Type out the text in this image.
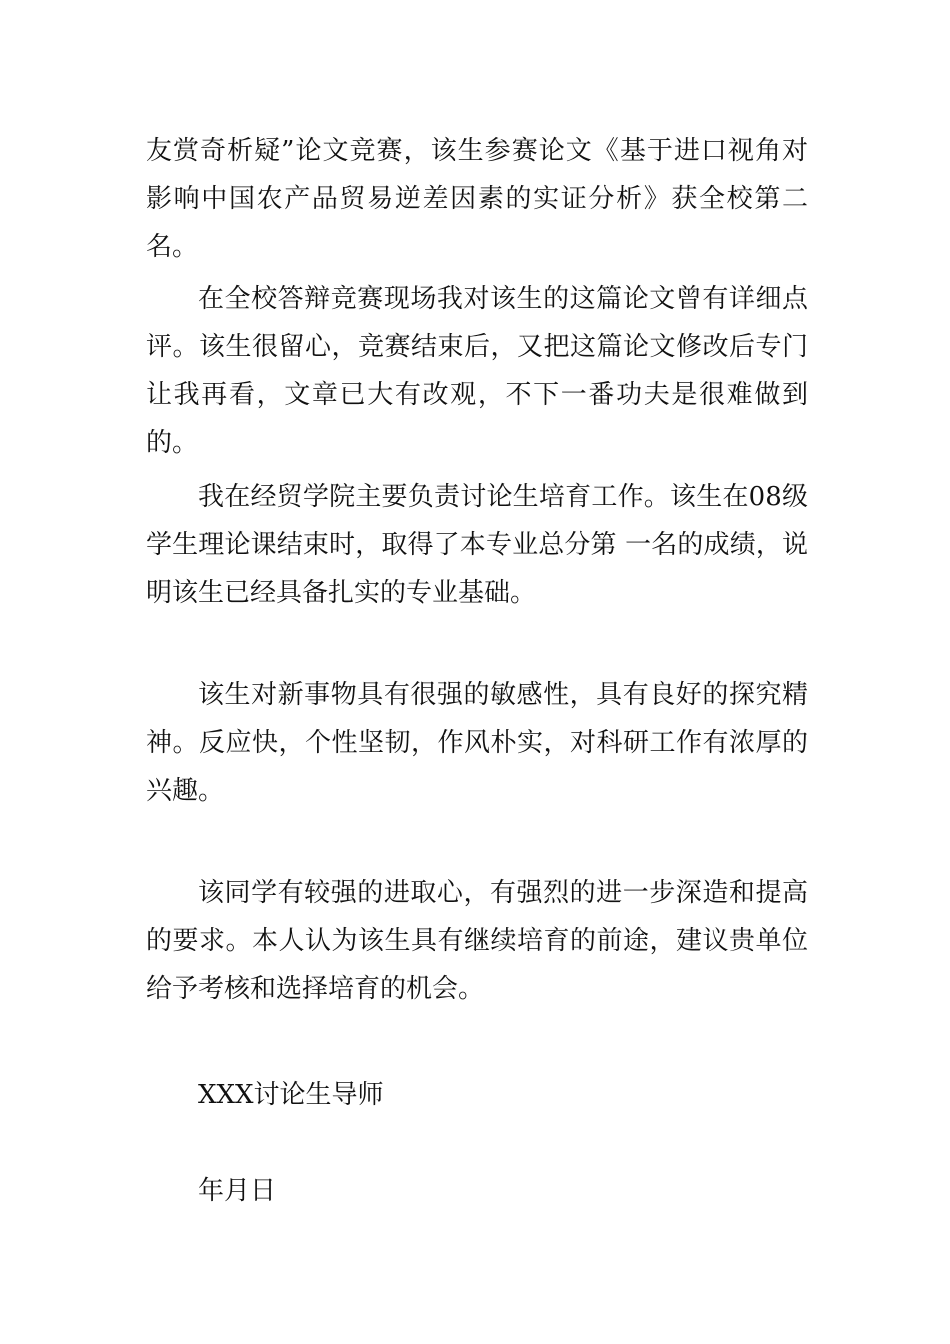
友赏奇析疑”论文竞赛，该生参赛论文《基于进口视角对影响中国农产品贸易逆差因素的实证分析》获全校第二名。

在全校答辩竞赛现场我对该生的这篇论文曾有详细点评。该生很留心，竞赛结束后，又把这篇论文修改后专门让我再看，文章已大有改观，不下一番功夫是很难做到的。

我在经贸学院主要负责讨论生培育工作。该生在08级学生理论课结束时，取得了本专业总分第 一名的成绩，说明该生已经具备扎实的专业基础。

该生对新事物具有很强的敏感性，具有良好的探究精神。反应快，个性坚韧，作风朴实，对科研工作有浓厚的兴趣。

该同学有较强的进取心，有强烈的进一步深造和提高的要求。本人认为该生具有继续培育的前途，建议贵单位给予考核和选择培育的机会。

XXX讨论生导师

年月日
